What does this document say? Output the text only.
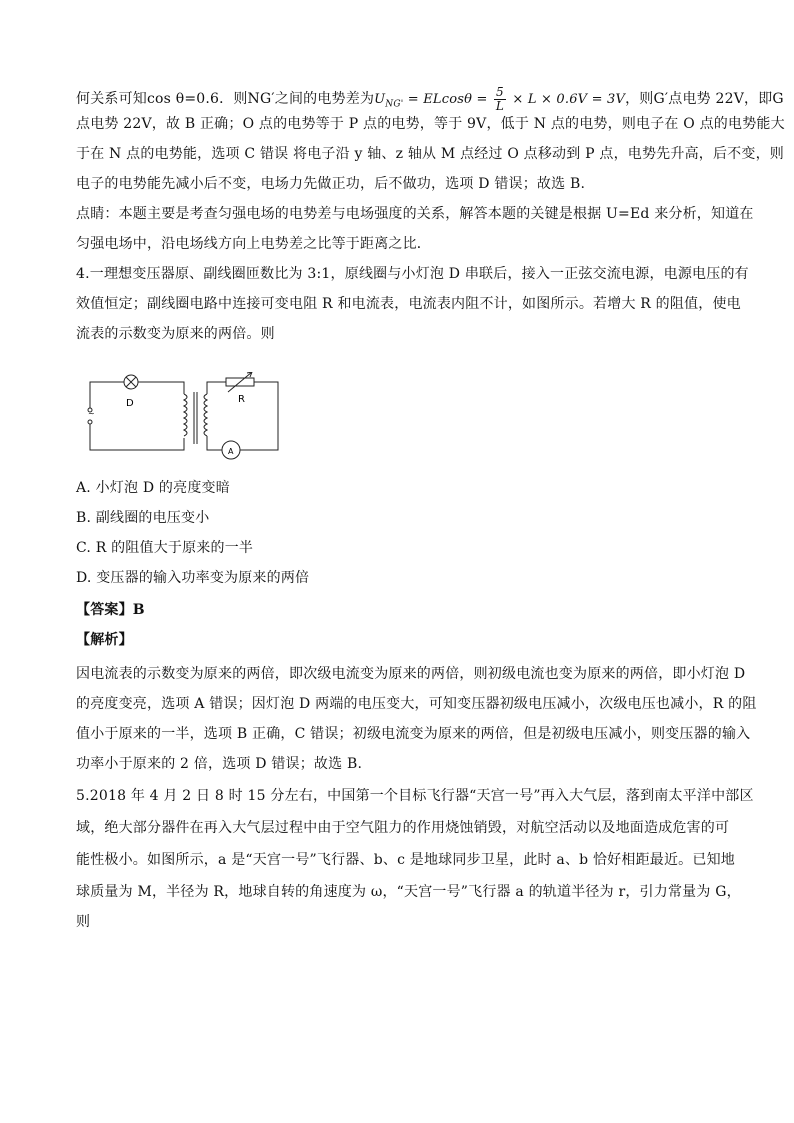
何关系可知cos θ=0.6．则NG′之间的电势差为$U_{NG'} = ELcos\theta = \frac{5}{L} \times L \times 0.6V = 3V$，则G′点电势 22V，即G
点电势 22V，故 B 正确；O 点的电势等于 P 点的电势，等于 9V，低于 N 点的电势，则电子在 O 点的电势能大
于在 N 点的电势能，选项 C 错误 将电子沿 y 轴、z 轴从 M 点经过 O 点移动到 P 点，电势先升高，后不变，则
电子的电势能先减小后不变，电场力先做正功，后不做功，选项 D 错误；故选 B.
点睛：本题主要是考查匀强电场的电势差与电场强度的关系，解答本题的关键是根据 U=Ed 来分析，知道在
匀强电场中，沿电场线方向上电势差之比等于距离之比．
4.一理想变压器原、副线圈匝数比为 3:1，原线圈与小灯泡 D 串联后，接入一正弦交流电源，电源电压的有
效值恒定；副线圈电路中连接可变电阻 R 和电流表，电流表内阻不计，如图所示。若增大 R 的阻值，使电
流表的示数变为原来的两倍。则
~
D	R
A
A. 小灯泡 D 的亮度变暗
B. 副线圈的电压变小
C. R 的阻值大于原来的一半
D. 变压器的输入功率变为原来的两倍
【答案】B
【解析】
因电流表的示数变为原来的两倍，即次级电流变为原来的两倍，则初级电流也变为原来的两倍，即小灯泡 D
的亮度变亮，选项 A 错误；因灯泡 D 两端的电压变大，可知变压器初级电压减小，次级电压也减小，R 的阻
值小于原来的一半，选项 B 正确，C 错误；初级电流变为原来的两倍，但是初级电压减小，则变压器的输入
功率小于原来的 2 倍，选项 D 错误；故选 B.
5.2018 年 4 月 2 日 8 时 15 分左右，中国第一个目标飞行器“天宫一号”再入大气层，落到南太平洋中部区
域，绝大部分器件在再入大气层过程中由于空气阻力的作用烧蚀销毁，对航空活动以及地面造成危害的可
能性极小。如图所示，a 是“天宫一号”飞行器、b、c 是地球同步卫星，此时 a、b 恰好相距最近。已知地
球质量为 M，半径为 R，地球自转的角速度为 ω，“天宫一号”飞行器 a 的轨道半径为 r，引力常量为 G，
则
